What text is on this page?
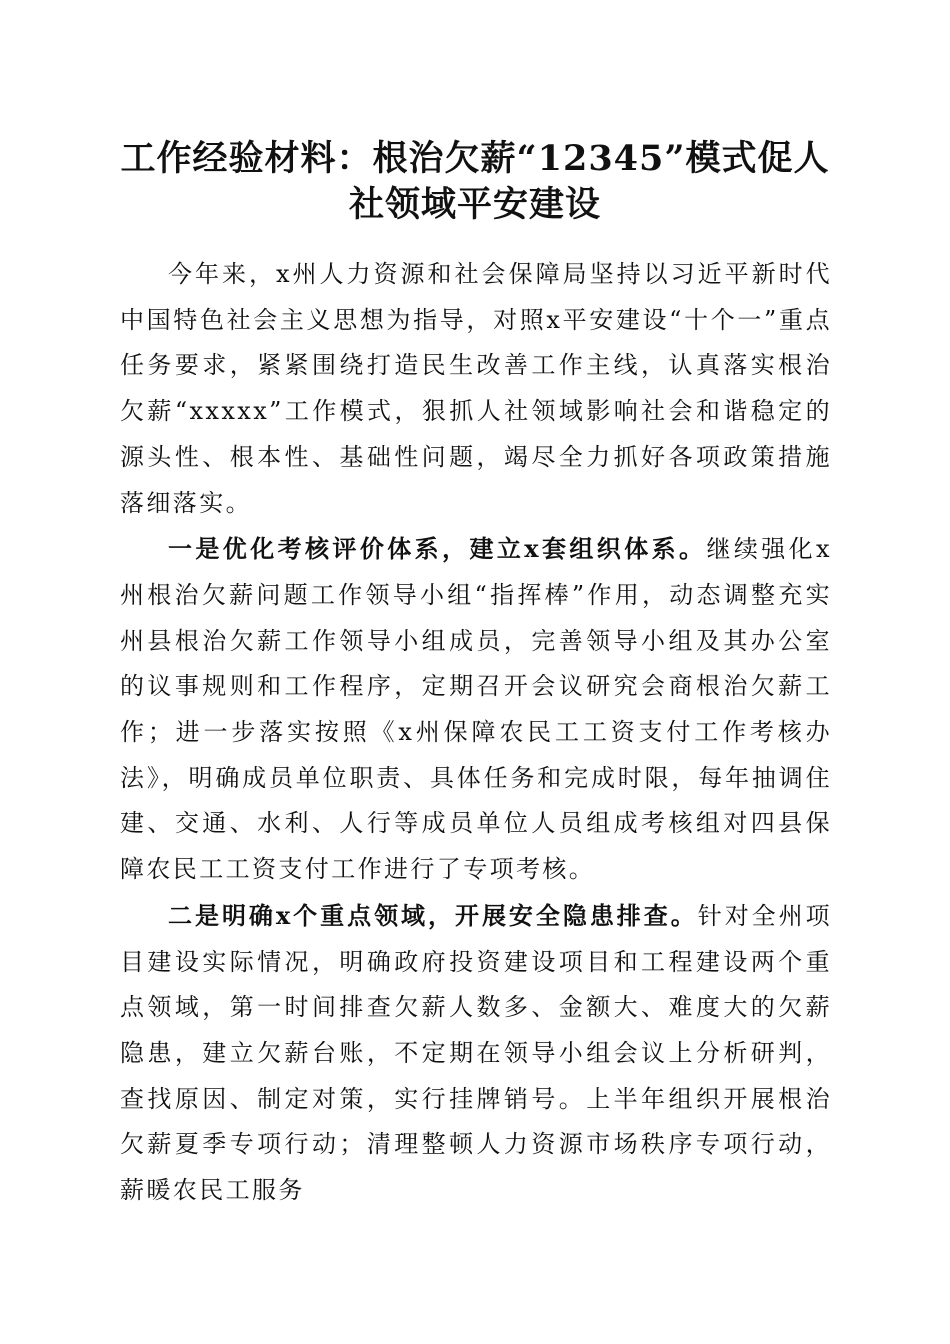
工作经验材料：根治欠薪“12345”模式促人
社领域平安建设

今年来，x州人力资源和社会保障局坚持以习近平新时代中国特色社会主义思想为指导，对照x平安建设“十个一”重点任务要求，紧紧围绕打造民生改善工作主线，认真落实根治欠薪“xxxxx”工作模式，狠抓人社领域影响社会和谐稳定的源头性、根本性、基础性问题，竭尽全力抓好各项政策措施落细落实。

一是优化考核评价体系，建立x套组织体系。继续强化x州根治欠薪问题工作领导小组“指挥棒”作用，动态调整充实州县根治欠薪工作领导小组成员，完善领导小组及其办公室的议事规则和工作程序，定期召开会议研究会商根治欠薪工作；进一步落实按照《x州保障农民工工资支付工作考核办法》，明确成员单位职责、具体任务和完成时限，每年抽调住建、交通、水利、人行等成员单位人员组成考核组对四县保障农民工工资支付工作进行了专项考核。

二是明确x个重点领域，开展安全隐患排查。针对全州项目建设实际情况，明确政府投资建设项目和工程建设两个重点领域，第一时间排查欠薪人数多、金额大、难度大的欠薪隐患，建立欠薪台账，不定期在领导小组会议上分析研判，查找原因、制定对策，实行挂牌销号。上半年组织开展根治欠薪夏季专项行动；清理整顿人力资源市场秩序专项行动，薪暖农民工服务
